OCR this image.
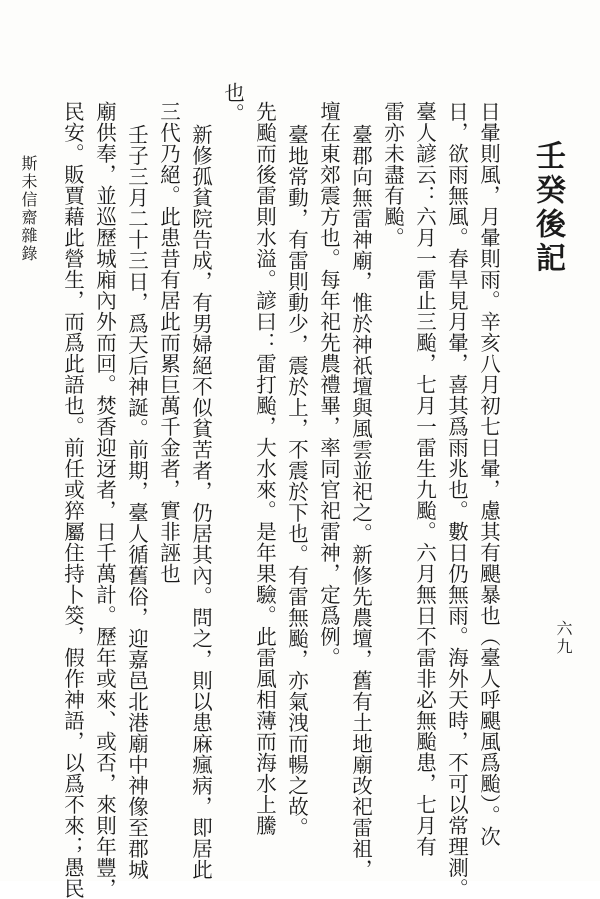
壬癸後記
日暈則風，月暈則雨。辛亥八月初七日暈，慮其有颶暴也（臺人呼颶風爲颱）。次
日，欲雨無風。春旱見月暈，喜其爲雨兆也。數日仍無雨。海外天時，不可以常理測。
臺人諺云：六月一雷止三颱，七月一雷生九颱。六月無日不雷非必無颱患，七月有
雷亦未盡有颱。
臺郡向無雷神廟，惟於神祇壇與風雲並祀之。新修先農壇，舊有土地廟改祀雷祖，
壇在東郊震方也。每年祀先農禮畢，率同官祀雷神，定爲例。
臺地常動，有雷則動少，震於上，不震於下也。有雷無颱，亦氣洩而暢之故。
先颱而後雷則水溢。諺曰：雷打颱，大水來。是年果驗。此雷風相薄而海水上騰
也。
新修孤貧院告成，有男婦絕不似貧苦者，仍居其內。問之，則以患麻瘋病，即居此
三代乃絕。此患昔有居此而累巨萬千金者，實非誣也
壬子三月二十三日，爲天后神誕。前期，臺人循舊俗，迎嘉邑北港廟中神像至郡城
廟供奉，並巡歷城廂內外而回。焚香迎迓者，日千萬計。歷年或來、或否，來則年豐，
民安。販賈藉此營生，而爲此語也。前任或猝屬住持卜筊，假作神語，以爲不來；愚民
斯未信齋雜錄
六九
